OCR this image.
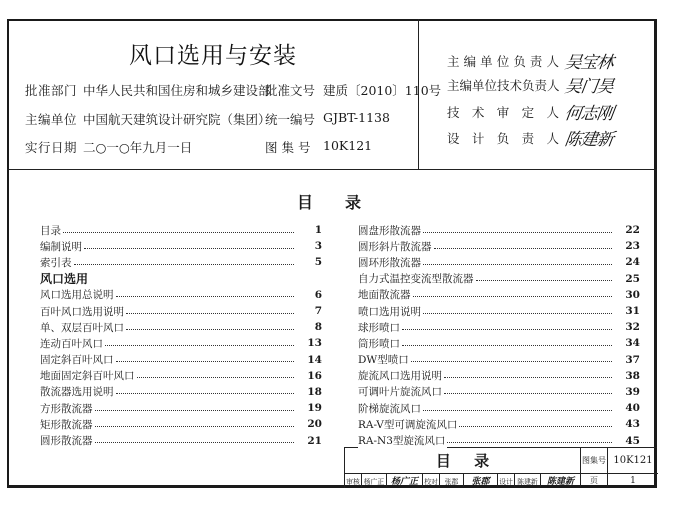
风口选用与安装
批准部门 中华人民共和国住房和城乡建设部
批准文号 建质〔2010〕110号
主编单位 中国航天建筑设计研究院（集团）
统一编号 GJBT-1138
实行日期 二○一○年九月一日	图 集 号 10K121
主编单位负责人 吴宝林
主编单位技术负责人 吴门昊
技术审定人 何志刚
设计负责人 陈建新
目　　录
目录	1
编制说明	3
索引表	5
风口选用
风口选用总说明	6
百叶风口选用说明	7
单、双层百叶风口	8
连动百叶风口	13
固定斜百叶风口	14
地面固定斜百叶风口	16
散流器选用说明	18
方形散流器	19
矩形散流器	20
圆形散流器	21
圆盘形散流器	22
圆形斜片散流器	23
圆环形散流器	24
自力式温控变流型散流器	25
地面散流器	30
喷口选用说明	31
球形喷口	32
筒形喷口	34
DW型喷口	37
旋流风口选用说明	38
可调叶片旋流风口	39
阶梯旋流风口	40
RA-V型可调旋流风口	43
RA-N3型旋流风口	45
目 录	图集号 10K121
页	1
审核 杨广正 杨广正 校对	张郡	张郡	设计 陈建新	陈建新
